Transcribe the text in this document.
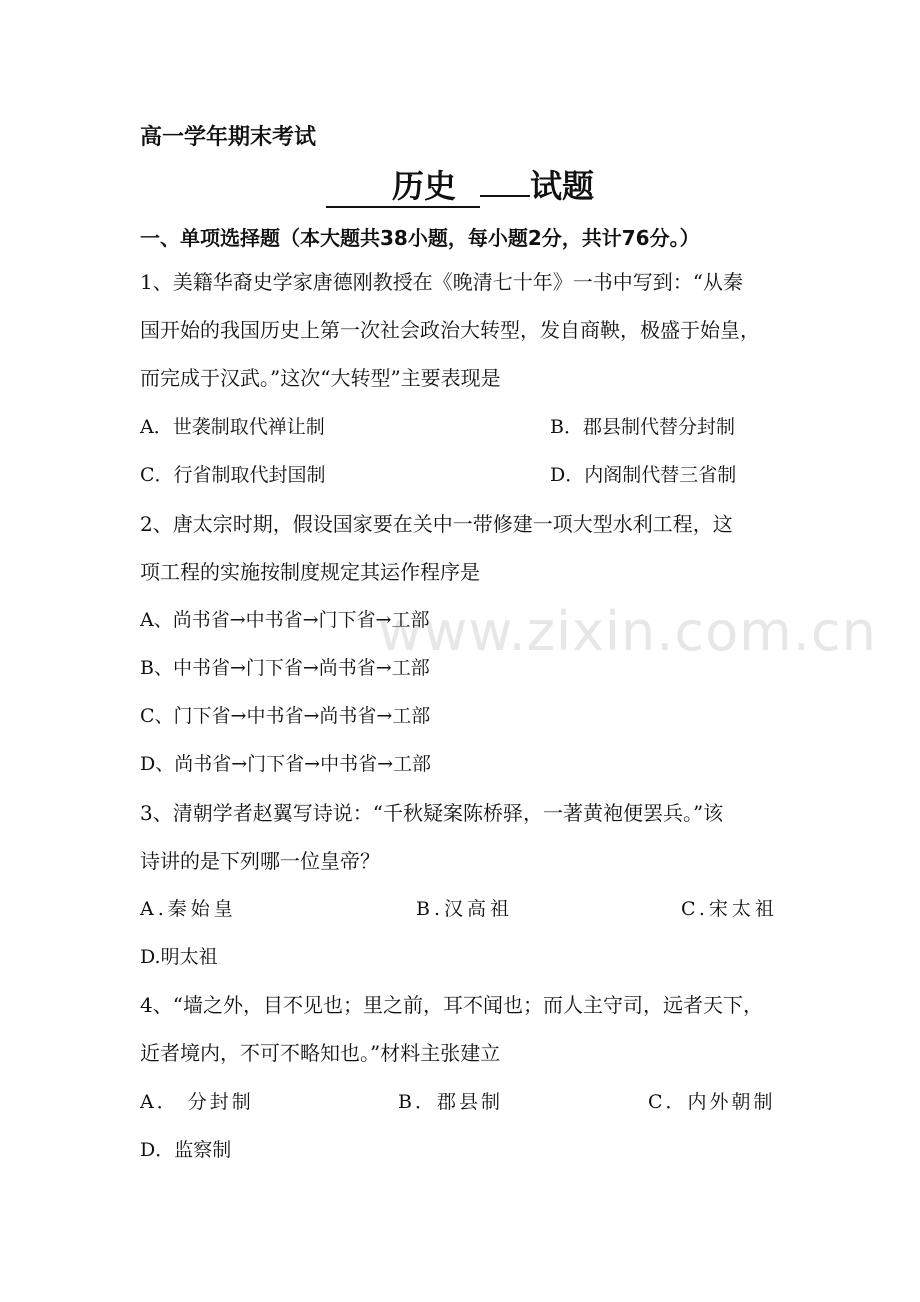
www.zixin.com.cn
高一学年期末考试
历史 试题
一、单项选择题（本大题共38小题，每小题2分，共计76分。）
1、美籍华裔史学家唐德刚教授在《晚清七十年》一书中写到：“从秦
国开始的我国历史上第一次社会政治大转型，发自商鞅，极盛于始皇，
而完成于汉武。”这次“大转型”主要表现是
A．世袭制取代禅让制	B．郡县制代替分封制
C．行省制取代封国制	D．内阁制代替三省制
2、唐太宗时期，假设国家要在关中一带修建一项大型水利工程，这
项工程的实施按制度规定其运作程序是
A、尚书省→中书省→门下省→工部
B、中书省→门下省→尚书省→工部
C、门下省→中书省→尚书省→工部
D、尚书省→门下省→中书省→工部
3、清朝学者赵翼写诗说：“千秋疑案陈桥驿，一著黄袍便罢兵。”该
诗讲的是下列哪一位皇帝？
A.秦始皇	B.汉高祖	C.宋太祖
D.明太祖
4、“墙之外，目不见也；里之前，耳不闻也；而人主守司，远者天下，
近者境内，不可不略知也。”材料主张建立
A． 分封制	B．郡县制	C．内外朝制
D．监察制
